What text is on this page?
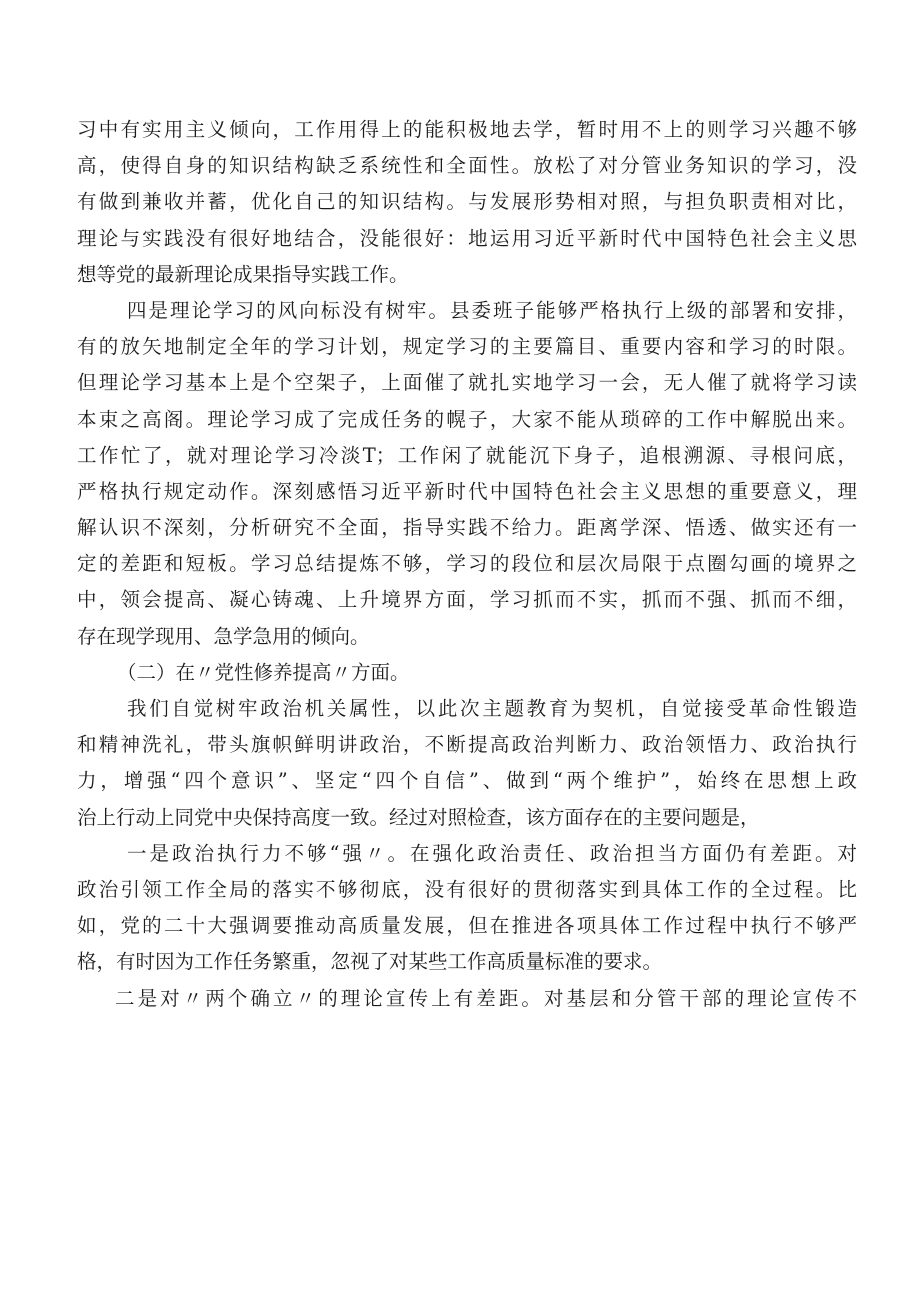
习中有实用主义倾向，工作用得上的能积极地去学，暂时用不上的则学习兴趣不够
高，使得自身的知识结构缺乏系统性和全面性。放松了对分管业务知识的学习，没
有做到兼收并蓄，优化自己的知识结构。与发展形势相对照，与担负职责相对比，
理论与实践没有很好地结合，没能很好：地运用习近平新时代中国特色社会主义思
想等党的最新理论成果指导实践工作。
四是理论学习的风向标没有树牢。县委班子能够严格执行上级的部署和安排，
有的放矢地制定全年的学习计划，规定学习的主要篇目、重要内容和学习的时限。
但理论学习基本上是个空架子，上面催了就扎实地学习一会，无人催了就将学习读
本束之高阁。理论学习成了完成任务的幌子，大家不能从琐碎的工作中解脱出来。
工作忙了，就对理论学习冷淡T；工作闲了就能沉下身子，追根溯源、寻根问底，
严格执行规定动作。深刻感悟习近平新时代中国特色社会主义思想的重要意义，理
解认识不深刻，分析研究不全面，指导实践不给力。距离学深、悟透、做实还有一
定的差距和短板。学习总结提炼不够，学习的段位和层次局限于点圈勾画的境界之
中，领会提高、凝心铸魂、上升境界方面，学习抓而不实，抓而不强、抓而不细，
存在现学现用、急学急用的倾向。
（二）在〃党性修养提高〃方面。
我们自觉树牢政治机关属性，以此次主题教育为契机，自觉接受革命性锻造
和精神洗礼，带头旗帜鲜明讲政治，不断提高政治判断力、政治领悟力、政治执行
力，增强“四个意识”、坚定“四个自信”、做到“两个维护”，始终在思想上政
治上行动上同党中央保持高度一致。经过对照检查，该方面存在的主要问题是，
一是政治执行力不够“强〃。在强化政治责任、政治担当方面仍有差距。对
政治引领工作全局的落实不够彻底，没有很好的贯彻落实到具体工作的全过程。比
如，党的二十大强调要推动高质量发展，但在推进各项具体工作过程中执行不够严
格，有时因为工作任务繁重，忽视了对某些工作高质量标准的要求。
二是对〃两个确立〃的理论宣传上有差距。对基层和分管干部的理论宣传不
